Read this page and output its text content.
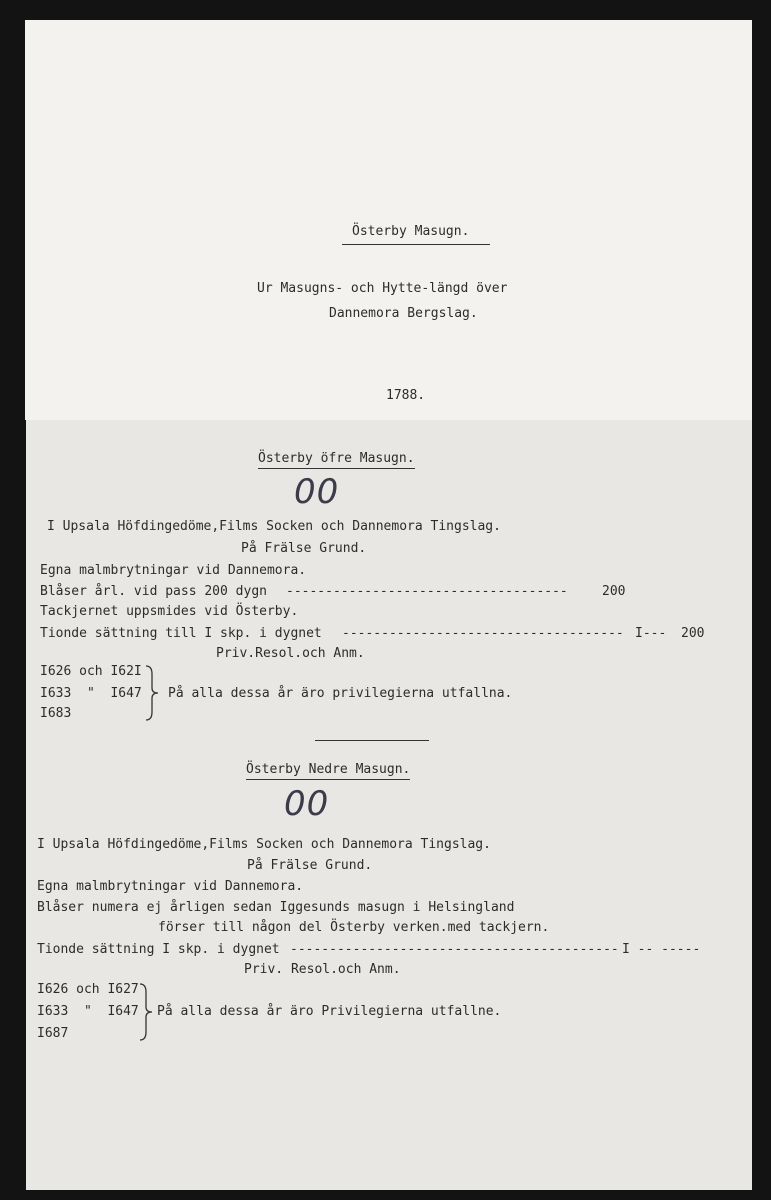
Österby Masugn.
Ur Masugns- och Hytte-längd över
Dannemora Bergslag.
1788.
Österby öfre Masugn.
00
I Upsala Höfdingedöme,Films Socken och Dannemora Tingslag.
På Frälse Grund.
Egna malmbrytningar vid Dannemora.
Blåser årl. vid pass 200 dygn ------------------------------------	200
Tackjernet uppsmides vid Österby.
Tionde sättning till I skp. i dygnet ------------------------------------ I--- 200
Priv.Resol.och Anm.
I626 och I62I
I633  "  I647
I683
På alla dessa år äro privilegierna utfallna.
Österby Nedre Masugn.
00
I Upsala Höfdingedöme,Films Socken och Dannemora Tingslag.
På Frälse Grund.
Egna malmbrytningar vid Dannemora.
Blåser numera ej årligen sedan Iggesunds masugn i Helsingland
förser till någon del Österby verken.med tackjern.
Tionde sättning I skp. i dygnet ------------------------------------------ I -- -----
Priv. Resol.och Anm.
I626 och I627
I633  "  I647
I687
På alla dessa år äro Privilegierna utfallne.
